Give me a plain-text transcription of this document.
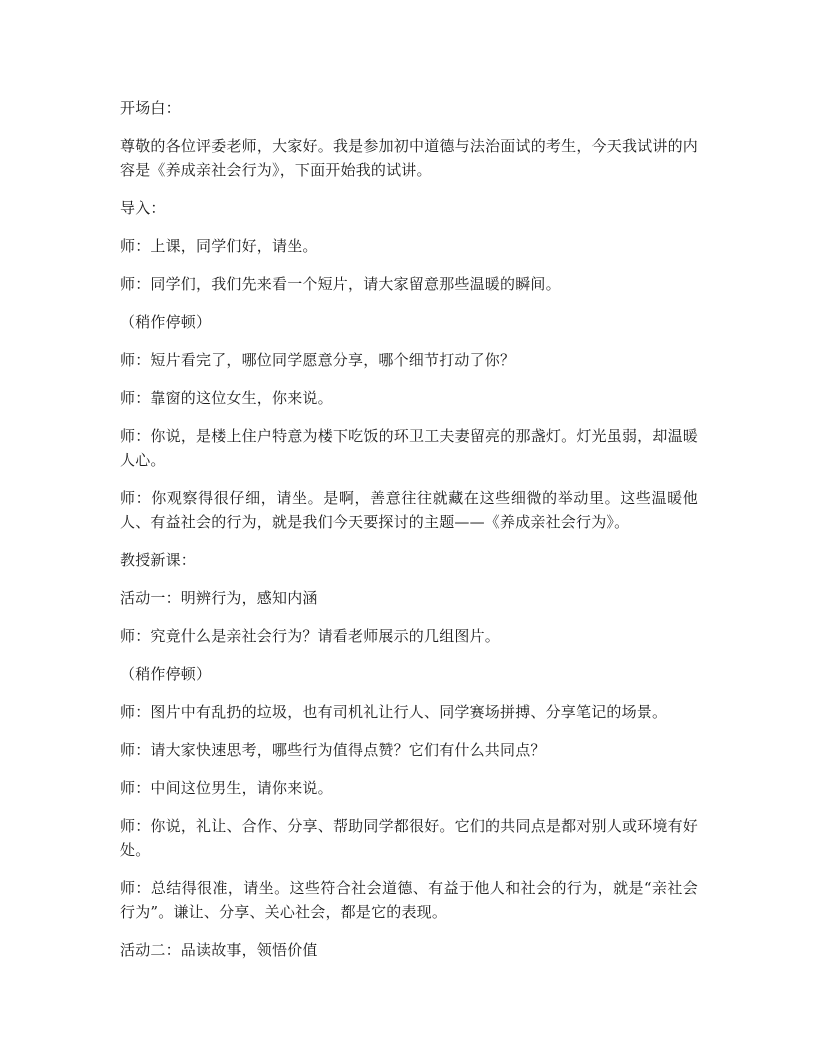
开场白：

尊敬的各位评委老师，大家好。我是参加初中道德与法治面试的考生，今天我试讲的内容是《养成亲社会行为》，下面开始我的试讲。

导入：

师：上课，同学们好，请坐。

师：同学们，我们先来看一个短片，请大家留意那些温暖的瞬间。

（稍作停顿）

师：短片看完了，哪位同学愿意分享，哪个细节打动了你？

师：靠窗的这位女生，你来说。

师：你说，是楼上住户特意为楼下吃饭的环卫工夫妻留亮的那盏灯。灯光虽弱，却温暖人心。

师：你观察得很仔细，请坐。是啊，善意往往就藏在这些细微的举动里。这些温暖他人、有益社会的行为，就是我们今天要探讨的主题——《养成亲社会行为》。

教授新课：

活动一：明辨行为，感知内涵

师：究竟什么是亲社会行为？请看老师展示的几组图片。

（稍作停顿）

师：图片中有乱扔的垃圾，也有司机礼让行人、同学赛场拼搏、分享笔记的场景。

师：请大家快速思考，哪些行为值得点赞？它们有什么共同点？

师：中间这位男生，请你来说。

师：你说，礼让、合作、分享、帮助同学都很好。它们的共同点是都对别人或环境有好处。

师：总结得很准，请坐。这些符合社会道德、有益于他人和社会的行为，就是“亲社会行为”。谦让、分享、关心社会，都是它的表现。

活动二：品读故事，领悟价值
